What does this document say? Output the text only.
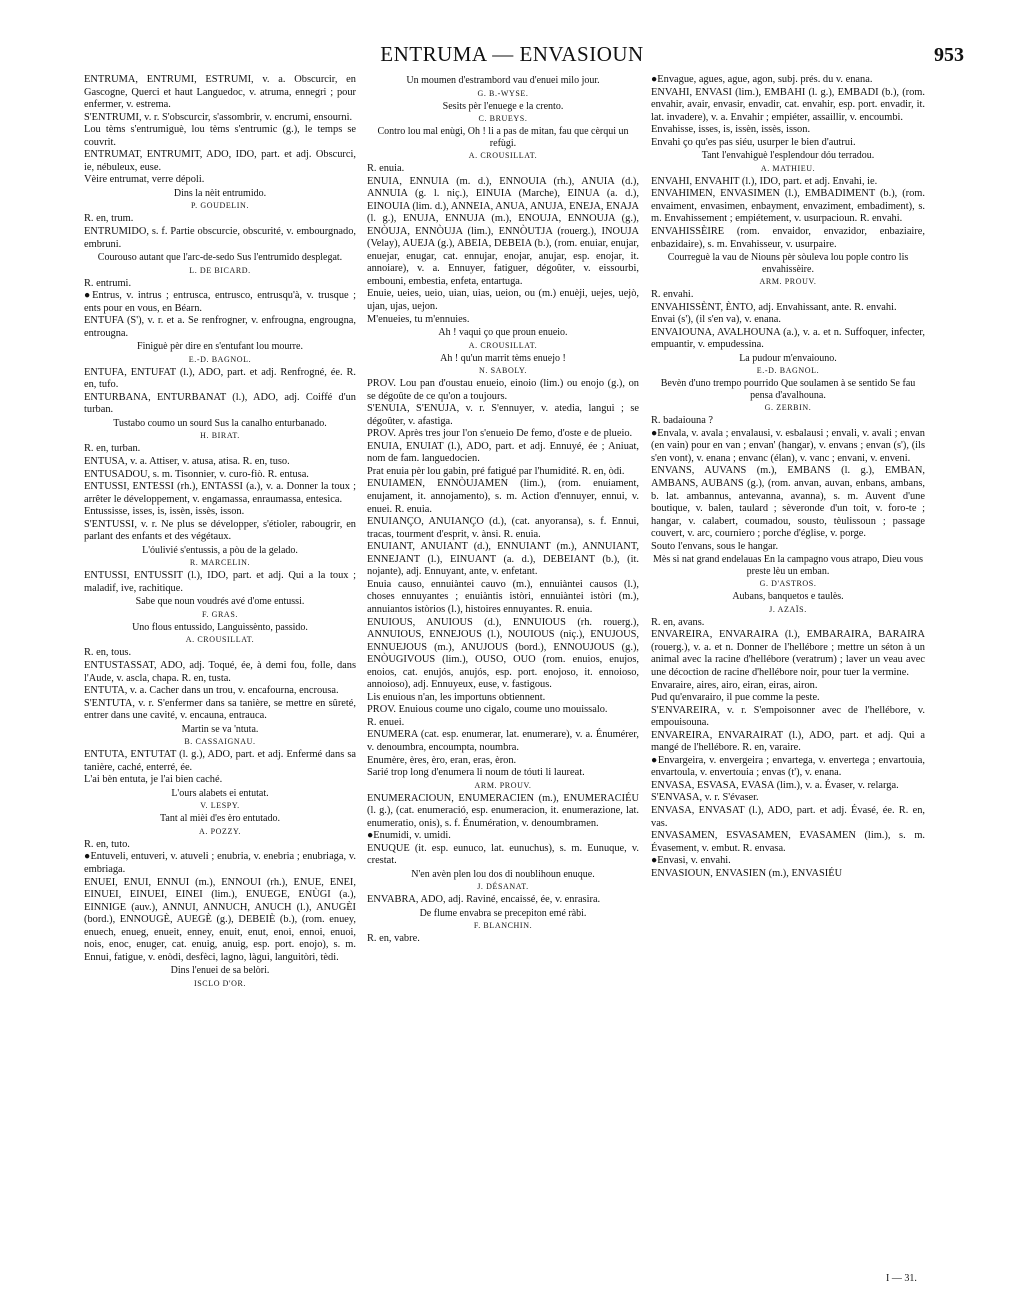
ENTRUMA — ENVASIOUN	953

ENTRUMA, ENTRUMI, ESTRUMI, v. a. Obscurcir, en Gascogne, Querci et haut Languedoc, v. atruma, ennegri ; pour enfermer, v. estrema.

S'ENTRUMI, v. r. S'obscurcir, s'assombrir, v. encrumi, ensourni.

Lou tèms s'entrumiguè, lou tèms s'entrumic (g.), le temps se couvrit.

ENTRUMAT, ENTRUMIT, ADO, IDO, part. et adj. Obscurci, ie, nébuleux, euse.

Vèire entrumat, verre dépoli.

Dins la nèit entrumido.

P. GOUDELIN.

R. en, trum.

ENTRUMIDO, s. f. Partie obscurcie, obscurité, v. embourgnado, embruni.

Courouso autant que l'arc-de-sedo Sus l'entrumido desplegat.

L. DE BICARD.

R. entrumi.

●Entrus, v. intrus ; entrusca, entrusco, entrusqu'à, v. trusque ; ents pour en vous, en Béarn.

ENTUFA (S'), v. r. et a. Se renfrogner, v. enfrougna, engrougna, entrougna.

Finiguè pèr dire en s'entufant lou mourre.

E.-D. BAGNOL.

ENTUFA, ENTUFAT (l.), ADO, part. et adj. Renfrogné, ée. R. en, tufo.

ENTURBANA, ENTURBANAT (l.), ADO, adj. Coiffé d'un turban.

Tustabo coumo un sourd Sus la canalho enturbanado.

H. BIRAT.

R. en, turban.

ENTUSA, v. a. Attiser, v. atusa, atisa. R. en, tuso.

ENTUSADOU, s. m. Tisonnier, v. curo-fiò. R. entusa.

ENTUSSI, ENTESSI (rh.), ENTASSI (a.), v. a. Donner la toux ; arrêter le développement, v. engamassa, enraumassa, entesica.

Entussisse, isses, is, issèn, issès, isson.

S'ENTUSSI, v. r. Ne plus se développer, s'étioler, rabougrir, en parlant des enfants et des végétaux.

L'óulivié s'entussis, a pòu de la gelado.

R. MARCELIN.

ENTUSSI, ENTUSSIT (l.), IDO, part. et adj. Qui a la toux ; maladif, ive, rachitique.

Sabe que noun voudrés avé d'ome entussi.

F. GRAS.

Uno flous entussido, Languissènto, passido.

A. CROUSILLAT.

R. en, tous.

ENTUSTASSAT, ADO, adj. Toqué, ée, à demi fou, folle, dans l'Aude, v. ascla, chapa. R. en, tusta.

ENTUTA, v. a. Cacher dans un trou, v. encafourna, encrousa.

S'ENTUTA, v. r. S'enfermer dans sa tanière, se mettre en sûreté, entrer dans une cavité, v. encauna, entrauca.

Martin se va 'ntuta.

B. CASSAIGNAU.

ENTUTA, ENTUTAT (l. g.), ADO, part. et adj. Enfermé dans sa tanière, caché, enterré, ée.

L'ai bèn entuta, je l'ai bien caché.

L'ours alabets ei entutat.

V. LESPY.

Tant al mièi d'es èro entutado.

A. POZZY.

R. en, tuto.

●Entuveli, entuveri, v. atuveli ; enubria, v. enebria ; enubriaga, v. embriaga.

ENUEI, ENUI, ENNUI (m.), ENNOUI (rh.), ENUE, ENEI, EINUEI, EINUEI, EINEI (lim.), ENUEGE, ENÙGI (a.), EINNIGE (auv.), ANNUI, ANNUCH, ANUCH (l.), ANUGÈI (bord.), ENNOUGÈ, AUEGÈ (g.), DEBEIÈ (b.), (rom. enuey, enuech, enueg, enueit, enney, enuit, enut, enoi, ennoi, enuoi, nois, enoc, enuger, cat. enuig, anuig, esp. port. enojo), s. m. Ennui, fatigue, v. enòdi, desfèci, lagno, làgui, languitòri, tèdi.

Dins l'enuei de sa belòri.

ISCLO D'OR.

Un moumen d'estrambord vau d'enuei milo jour.

G. B.-WYSE.

Sesits pèr l'enuege e la crento.

C. BRUEYS.

Contro lou mal enùgi, Oh ! li a pas de mitan, fau que cèrqui un refùgi.

A. CROUSILLAT.

R. enuia.

ENUIA, ENNUIA (m. d.), ENNOUIA (rh.), ANUIA (d.), ANNUIA (g. l. niç.), EINUIA (Marche), EINUA (a. d.), EINOUIA (lim. d.), ANNEIA, ANUA, ANUJA, ENEJA, ENAJA (l. g.), ENUJA, ENNUJA (m.), ENOUJA, ENNOUJA (g.), ENÒUJA, ENNÒUJA (lim.), ENNÒUTJA (rouerg.), INOUJA (Velay), AUEJA (g.), ABEIA, DEBEIA (b.), (rom. enuiar, enujar, enuejar, enugar, cat. ennujar, enojar, anujar, esp. enojar, it. annoiare), v. a. Ennuyer, fatiguer, dégoûter, v. eissourbi, embouni, embestia, enfeta, entartuga.

Enuie, ueies, ueio, uian, uias, ueion, ou (m.) enuèji, uejes, uejò, ujan, ujas, uejon.

M'enueies, tu m'ennuies.

Ah ! vaqui ço que proun enueio.

A. CROUSILLAT.

Ah ! qu'un marrit tèms enuejo !

N. SABOLY.

PROV. Lou pan d'oustau enueio, einoio (lim.) ou enojo (g.), on se dégoûte de ce qu'on a toujours.

S'ENUIA, S'ENUJA, v. r. S'ennuyer, v. atedia, langui ; se dégoûter, v. afastiga.

PROV. Après tres jour l'on s'enueio De femo, d'oste e de plueio.

ENUIA, ENUIAT (l.), ADO, part. et adj. Ennuyé, ée ; Aniuat, nom de fam. languedocien.

Prat enuia pèr lou gabin, pré fatigué par l'humidité. R. en, òdi.

ENUIAMEN, ENNÒUJAMEN (lim.), (rom. enuiament, enujament, it. annojamento), s. m. Action d'ennuyer, ennui, v. enuei. R. enuia.

ENUIANÇO, ANUIANÇO (d.), (cat. anyoransa), s. f. Ennui, tracas, tourment d'esprit, v. ànsi. R. enuia.

ENUIANT, ANUIANT (d.), ENNUIANT (m.), ANNUIANT, ENNEJANT (l.), EINUANT (a. d.), DEBEIANT (b.), (it. nojante), adj. Ennuyant, ante, v. enfetant.

Enuia causo, ennuiàntei cauvo (m.), ennuiàntei causos (l.), choses ennuyantes ; enuiàntis istòri, ennuiàntei istòri (m.), annuiantos istòrios (l.), histoires ennuyantes. R. enuia.

ENUIOUS, ANUIOUS (d.), ENNUIOUS (rh. rouerg.), ANNUIOUS, ENNEJOUS (l.), NOUIOUS (niç.), ENUJOUS, ENNUEJOUS (m.), ANUJOUS (bord.), ENNOUJOUS (g.), ENÒUGIVOUS (lim.), OUSO, OUO (rom. enuios, enujos, enoios, cat. enujós, anujós, esp. port. enojoso, it. ennoioso, annoioso), adj. Ennuyeux, euse, v. fastigous.

Lis enuious n'an, les importuns obtiennent.

PROV. Enuious coume uno cigalo, coume uno mouissalo.

R. enuei.

ENUMERA (cat. esp. enumerar, lat. enumerare), v. a. Énumérer, v. denoumbra, encoumpta, noumbra.

Enumère, ères, èro, eran, eras, èron.

Sarié trop long d'enumera li noum de tóuti li laureat.

ARM. PROUV.

ENUMERACIOUN, ENUMERACIEN (m.), ENUMERACIÉU (l. g.), (cat. enumeració, esp. enumeracion, it. enumerazione, lat. enumeratio, onis), s. f. Énumération, v. denoumbramen.

●Enumidi, v. umidi.

ENUQUE (it. esp. eunuco, lat. eunuchus), s. m. Eunuque, v. crestat.

N'en avèn plen lou dos di noublihoun enuque.

J. DÉSANAT.

ENVABRA, ADO, adj. Raviné, encaissé, ée, v. enrasira.

De flume envabra se precepiton emé ràbi.

F. BLANCHIN.

R. en, vabre.

●Envague, agues, ague, agon, subj. prés. du v. enana.

ENVAHI, ENVASI (lim.), EMBAHI (l. g.), EMBADI (b.), (rom. envahir, avair, envasir, envadir, cat. envahir, esp. port. envadir, it. lat. invadere), v. a. Envahir ; empiéter, assaillir, v. encoumbi.

Envahisse, isses, is, issèn, issès, isson.

Envahi ço qu'es pas siéu, usurper le bien d'autrui.

Tant l'envahiguè l'esplendour dóu terradou.

A. MATHIEU.

ENVAHI, ENVAHIT (l.), IDO, part. et adj. Envahi, ie.

ENVAHIMEN, ENVASIMEN (l.), EMBADIMENT (b.), (rom. envaiment, envasimen, enbayment, envaziment, embadiment), s. m. Envahissement ; empiétement, v. usurpacioun. R. envahi.

ENVAHISSÈIRE (rom. envaidor, envazidor, enbaziaire, enbazidaire), s. m. Envahisseur, v. usurpaire.

Courreguè la vau de Niouns pèr sòuleva lou pople contro lis envahissèire.

ARM. PROUV.

R. envahi.

ENVAHISSÈNT, ÈNTO, adj. Envahissant, ante. R. envahi.

Envai (s'), (il s'en va), v. enana.

ENVAIOUNA, AVALHOUNA (a.), v. a. et n. Suffoquer, infecter, empuantir, v. empudessina.

La pudour m'envaiouno.

E.-D. BAGNOL.

Bevèn d'uno trempo pourrido Que soulamen à se sentido Se fau pensa d'avalhouna.

G. ZERBIN.

R. badaiouna ?

●Envala, v. avala ; envalausi, v. esbalausi ; envali, v. avali ; envan (en vain) pour en van ; envan' (hangar), v. envans ; envan (s'), (ils s'en vont), v. enana ; envanc (élan), v. vanc ; envani, v. enveni.

ENVANS, AUVANS (m.), EMBANS (l. g.), EMBAN, AMBANS, AUBANS (g.), (rom. anvan, auvan, enbans, ambans, b. lat. ambannus, antevanna, avanna), s. m. Auvent d'une boutique, v. balen, taulard ; sèveronde d'un toit, v. foro-te ; hangar, v. calabert, coumadou, sousto, tèulissoun ; passage couvert, v. arc, courniero ; porche d'église, v. porge.

Souto l'envans, sous le hangar.

Mès si nat grand endelauas En la campagno vous atrapo, Dieu vous preste lèu un emban.

G. D'ASTROS.

Aubans, banquetos e taulès.

J. AZAÏS.

R. en, avans.

ENVAREIRA, ENVARAIRA (l.), EMBARAIRA, BARAIRA (rouerg.), v. a. et n. Donner de l'hellébore ; mettre un séton à un animal avec la racine d'hellébore (veratrum) ; laver un veau avec une décoction de racine d'hellébore noir, pour tuer la vermine.

Envaraire, aires, airo, eiran, eiras, airon.

Pud qu'envarairo, il pue comme la peste.

S'ENVAREIRA, v. r. S'empoisonner avec de l'hellébore, v. empouisouna.

ENVAREIRA, ENVARAIRAT (l.), ADO, part. et adj. Qui a mangé de l'hellébore. R. en, varaire.

●Envargeira, v. envergeira ; envartega, v. envertega ; envartouia, envartoula, v. envertouia ; envas (t'), v. enana.

ENVASA, ESVASA, EVASA (lim.), v. a. Évaser, v. relarga.

S'ENVASA, v. r. S'évaser.

ENVASA, ENVASAT (l.), ADO, part. et adj. Évasé, ée. R. en, vas.

ENVASAMEN, ESVASAMEN, EVASAMEN (lim.), s. m. Évasement, v. embut. R. envasa.

●Envasi, v. envahi.

ENVASIOUN, ENVASIEN (m.), ENVASIÉU

I — 31.
